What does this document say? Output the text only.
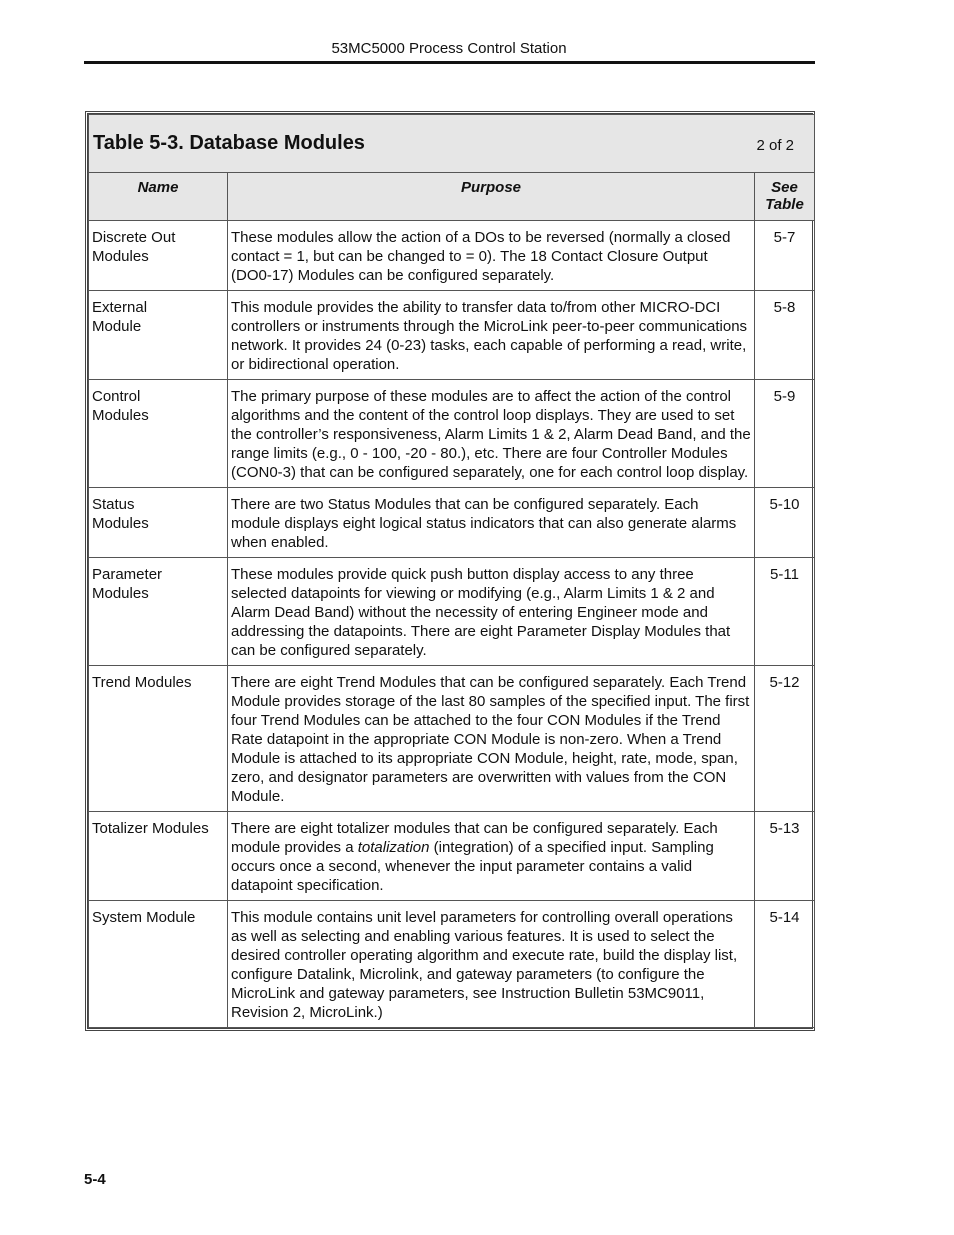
53MC5000 Process Control Station
Table 5-3. Database Modules 2 of 2		

Name	Purpose	See Table
Discrete Out
Modules	These modules allow the action of a DOs to be reversed (normally a closed contact = 1, but can be changed to = 0). The 18 Contact Closure Output (DO0-17) Modules can be configured separately.	5-7
External
Module	This module provides the ability to transfer data to/from other MICRO-DCI controllers or instruments through the MicroLink peer-to-peer communications network. It provides 24 (0-23) tasks, each capable of performing a read, write, or bidirectional operation.	5-8
Control
Modules	The primary purpose of these modules are to affect the action of the control algorithms and the content of the control loop displays. They are used to set the controller’s responsiveness, Alarm Limits 1 & 2, Alarm Dead Band, and the range limits (e.g., 0 - 100, -20 - 80.), etc. There are four Controller Modules (CON0-3) that can be configured separately, one for each control loop display.	5-9
Status
Modules	There are two Status Modules that can be configured separately. Each module displays eight logical status indicators that can also generate alarms when enabled.	5-10
Parameter
Modules	These modules provide quick push button display access to any three selected datapoints for viewing or modifying (e.g., Alarm Limits 1 & 2 and Alarm Dead Band) without the necessity of entering Engineer mode and addressing the datapoints. There are eight Parameter Display Modules that can be configured separately.	5-11
Trend Modules	There are eight Trend Modules that can be configured separately. Each Trend Module provides storage of the last 80 samples of the specified input. The first four Trend Modules can be attached to the four CON Modules if the Trend Rate datapoint in the appropriate CON Module is non-zero. When a Trend Module is attached to its appropriate CON Module, height, rate, mode, span, zero, and designator parameters are overwritten with values from the CON Module.	5-12
Totalizer Modules	There are eight totalizer modules that can be configured separately. Each module provides a totalization (integration) of a specified input. Sampling occurs once a second, whenever the input parameter contains a valid datapoint specification.	5-13
System Module	This module contains unit level parameters for controlling overall operations as well as selecting and enabling various features. It is used to select the desired controller operating algorithm and execute rate, build the display list, configure Datalink, Microlink, and gateway parameters (to configure the MicroLink and gateway parameters, see Instruction Bulletin 53MC9011, Revision 2, MicroLink.)	5-14
5-4
